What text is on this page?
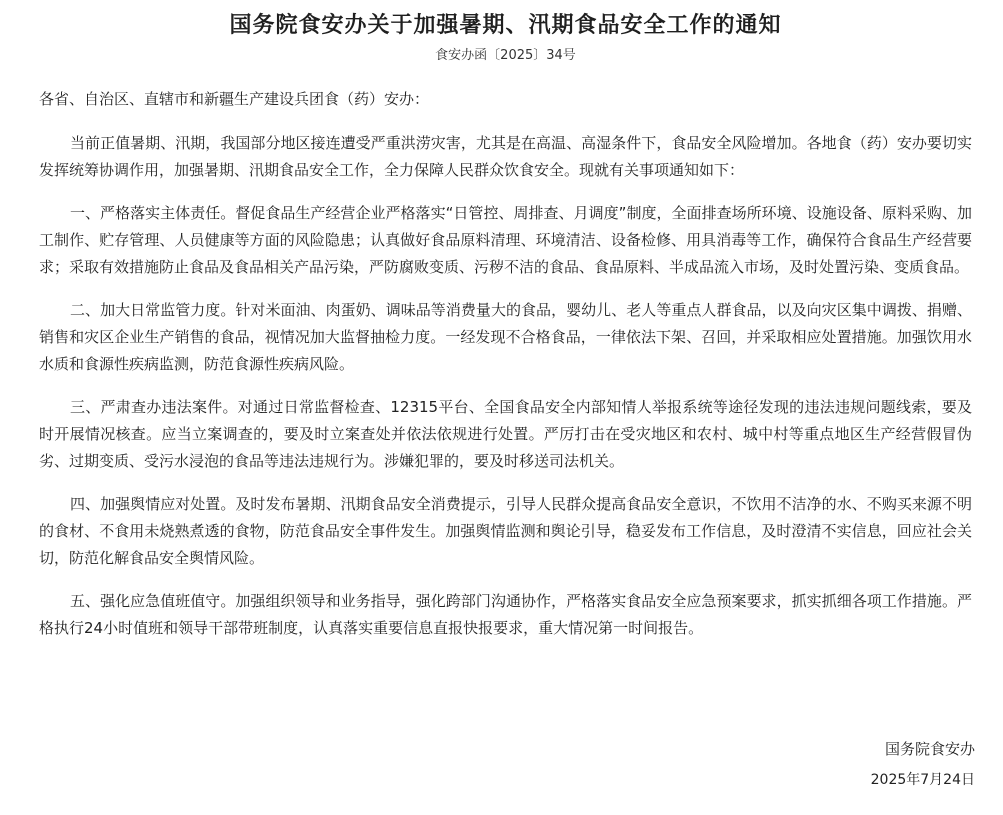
国务院食安办关于加强暑期、汛期食品安全工作的通知
食安办函〔2025〕34号
各省、自治区、直辖市和新疆生产建设兵团食（药）安办：

当前正值暑期、汛期，我国部分地区接连遭受严重洪涝灾害，尤其是在高温、高湿条件下，食品安全风险增加。各地食（药）安办要切实发挥统筹协调作用，加强暑期、汛期食品安全工作，全力保障人民群众饮食安全。现就有关事项通知如下：

一、严格落实主体责任。督促食品生产经营企业严格落实“日管控、周排查、月调度”制度，全面排查场所环境、设施设备、原料采购、加工制作、贮存管理、人员健康等方面的风险隐患；认真做好食品原料清理、环境清洁、设备检修、用具消毒等工作，确保符合食品生产经营要求；采取有效措施防止食品及食品相关产品污染，严防腐败变质、污秽不洁的食品、食品原料、半成品流入市场，及时处置污染、变质食品。

二、加大日常监管力度。针对米面油、肉蛋奶、调味品等消费量大的食品，婴幼儿、老人等重点人群食品，以及向灾区集中调拨、捐赠、销售和灾区企业生产销售的食品，视情况加大监督抽检力度。一经发现不合格食品，一律依法下架、召回，并采取相应处置措施。加强饮用水水质和食源性疾病监测，防范食源性疾病风险。

三、严肃查办违法案件。对通过日常监督检查、12315平台、全国食品安全内部知情人举报系统等途径发现的违法违规问题线索，要及时开展情况核查。应当立案调查的，要及时立案查处并依法依规进行处置。严厉打击在受灾地区和农村、城中村等重点地区生产经营假冒伪劣、过期变质、受污水浸泡的食品等违法违规行为。涉嫌犯罪的，要及时移送司法机关。

四、加强舆情应对处置。及时发布暑期、汛期食品安全消费提示，引导人民群众提高食品安全意识，不饮用不洁净的水、不购买来源不明的食材、不食用未烧熟煮透的食物，防范食品安全事件发生。加强舆情监测和舆论引导，稳妥发布工作信息，及时澄清不实信息，回应社会关切，防范化解食品安全舆情风险。

五、强化应急值班值守。加强组织领导和业务指导，强化跨部门沟通协作，严格落实食品安全应急预案要求，抓实抓细各项工作措施。严格执行24小时值班和领导干部带班制度，认真落实重要信息直报快报要求，重大情况第一时间报告。

国务院食安办
2025年7月24日
